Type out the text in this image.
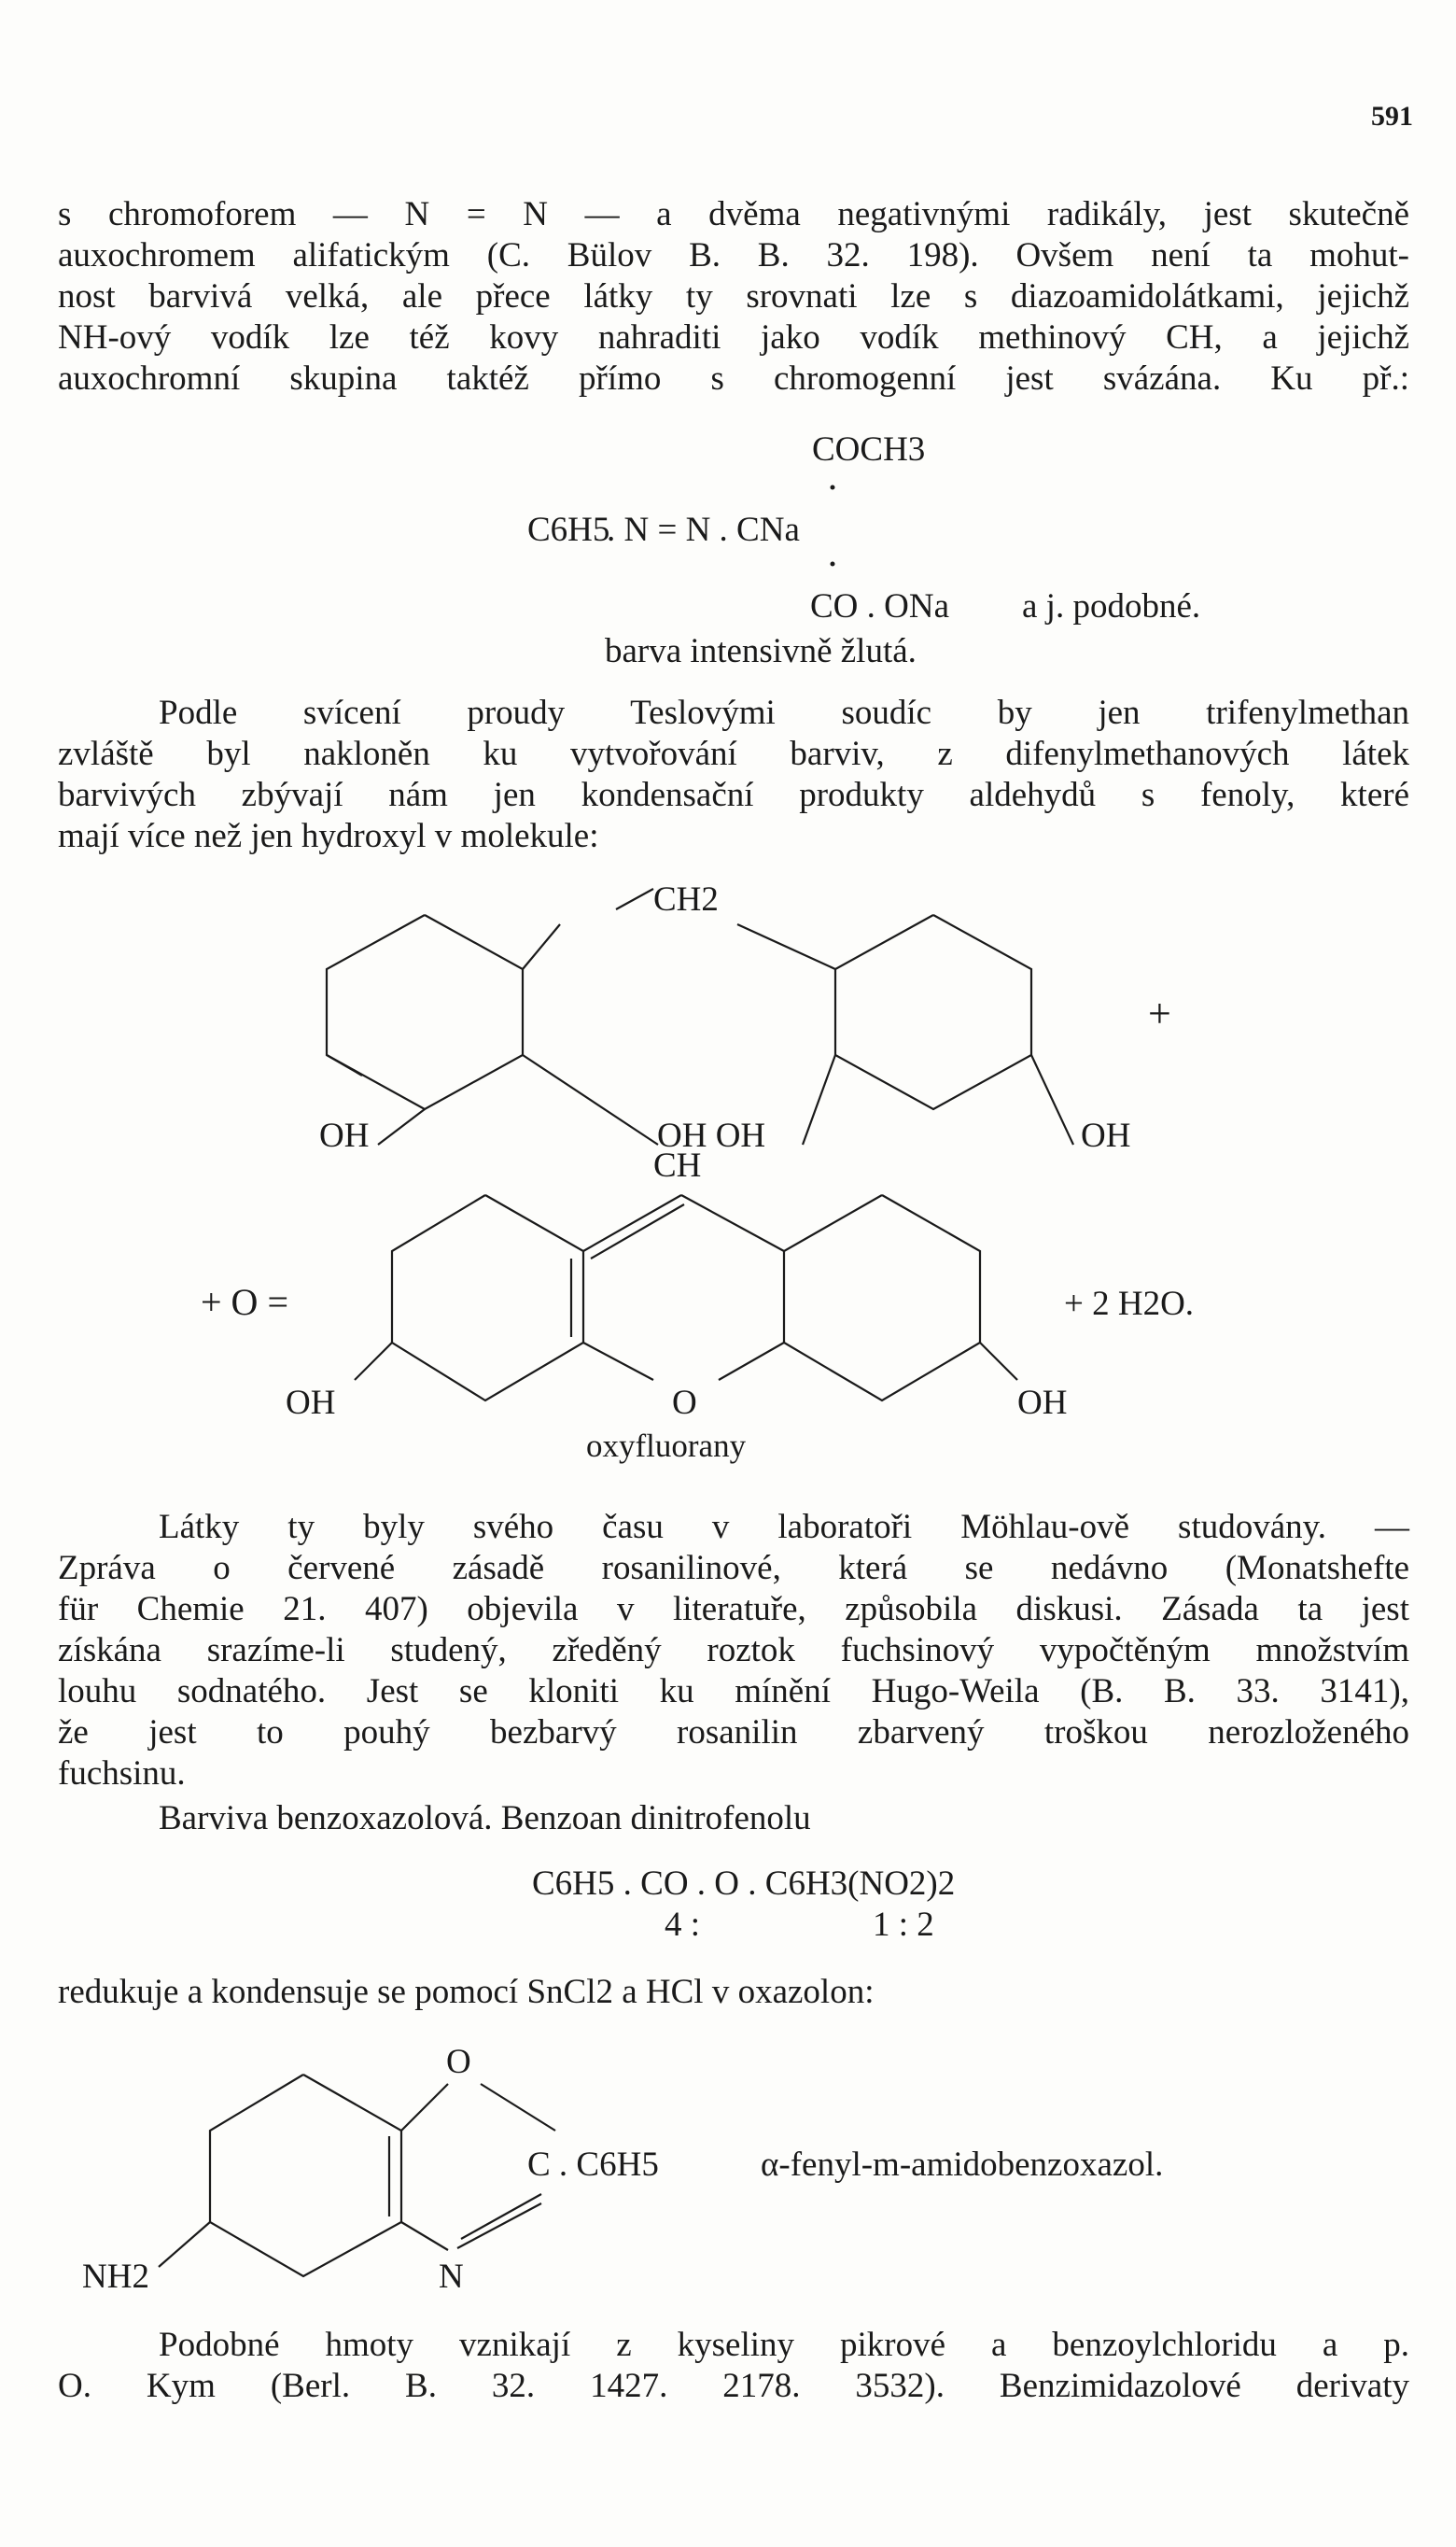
591
s chromoforem — N = N — a dvěma negativnými radikály, jest skutečně
auxochromem alifatickým (C. Bülov B. B. 32. 198). Ovšem není ta mohut-
nost barvivá velká, ale přece látky ty srovnati lze s diazoamidolátkami, jejichž
NH-ový vodík lze též kovy nahraditi jako vodík methinový CH, a jejichž
auxochromní skupina taktéž přímo s chromogenní jest svázána. Ku př.:
COCH3
C6H5
. N = N . CNa
CO . ONa a j. podobné.
barva intensivně žlutá.
Podle svícení proudy Teslovými soudíc by jen trifenylmethan
zvláště byl nakloněn ku vytvořování barviv, z difenylmethanových látek
barvivých zbývají nám jen kondensační produkty aldehydů s fenoly, které
mají více než jen hydroxyl v molekule:
CH2
+
OH	OH OH	OH
CH
+ O =	+ 2 H2O.
OH	O	OH
oxyfluorany
Látky ty byly svého času v laboratoři Möhlau-ově studovány. —
Zpráva o červené zásadě rosanilinové, která se nedávno (Monatshefte
für Chemie 21. 407) objevila v literatuře, způsobila diskusi. Zásada ta jest
získána srazíme-li studený, zředěný roztok fuchsinový vypočtěným množstvím
louhu sodnatého. Jest se kloniti ku mínění Hugo-Weila (B. B. 33. 3141),
že jest to pouhý bezbarvý rosanilin zbarvený troškou nerozloženého
fuchsinu.
Barviva benzoxazolová. Benzoan dinitrofenolu
C6H5 . CO . O . C6H3(NO2)2
4 :	1 : 2
redukuje a kondensuje se pomocí SnCl2 a HCl v oxazolon:
O
C . C6H5
N
NH2
α-fenyl-m-amidobenzoxazol.
Podobné hmoty vznikají z kyseliny pikrové a benzoylchloridu a p.
O. Kym (Berl. B. 32. 1427. 2178. 3532). Benzimidazolové derivaty
